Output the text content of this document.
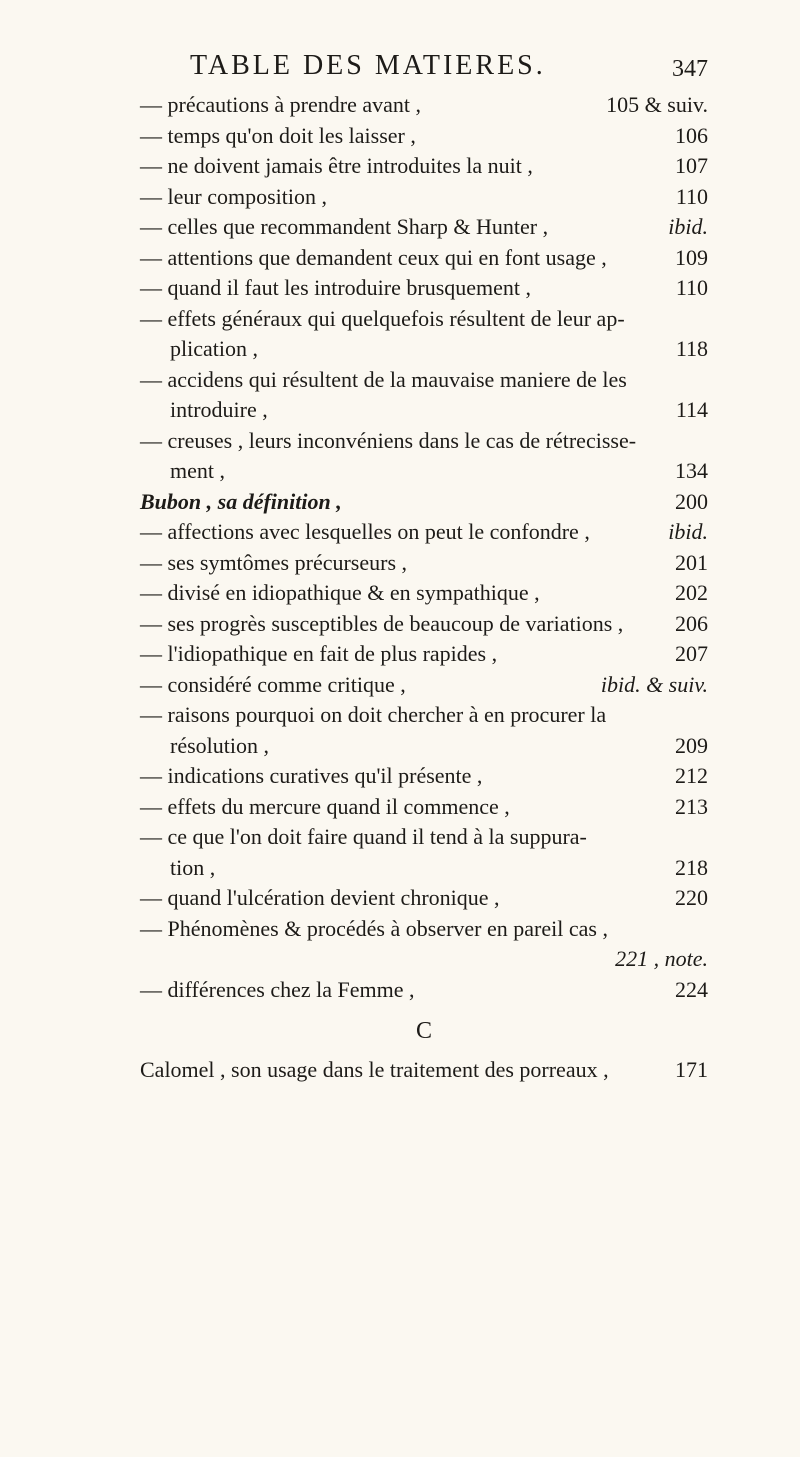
TABLE DES MATIERES.	347
— précautions à prendre avant ,	105 & suiv.
— temps qu'on doit les laisser ,	106
— ne doivent jamais être introduites la nuit ,	107
— leur composition ,	110
— celles que recommandent Sharp & Hunter ,	ibid.
— attentions que demandent ceux qui en font usage ,	109
— quand il faut les introduire brusquement ,	110
— effets généraux qui quelquefois résultent de leur ap-
plication ,	118
— accidens qui résultent de la mauvaise maniere de les
introduire ,	114
— creuses , leurs inconvéniens dans le cas de rétrecisse-
ment ,	134
Bubon , sa définition ,	200
— affections avec lesquelles on peut le confondre ,	ibid.
— ses symtômes précurseurs ,	201
— divisé en idiopathique & en sympathique ,	202
— ses progrès susceptibles de beaucoup de variations , 206
— l'idiopathique en fait de plus rapides ,	207
— considéré comme critique ,	ibid. & suiv.
— raisons pourquoi on doit chercher à en procurer la
résolution ,	209
— indications curatives qu'il présente ,	212
— effets du mercure quand il commence ,	213
— ce que l'on doit faire quand il tend à la suppura-
tion ,	218
— quand l'ulcération devient chronique ,	220
— Phénomènes & procédés à observer en pareil cas ,

221 , note.
— différences chez la Femme ,	224
C
Calomel , son usage dans le traitement des porreaux ,	171
